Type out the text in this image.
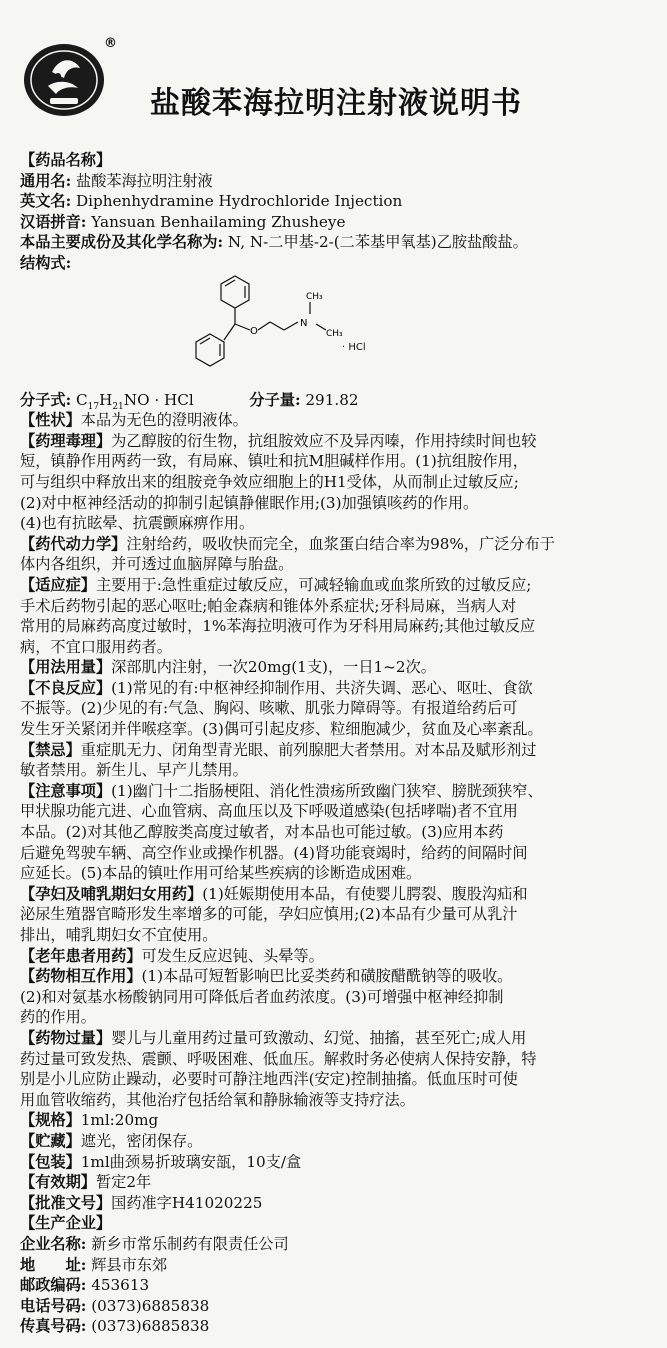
®
盐酸苯海拉明注射液说明书
【药品名称】
通用名: 盐酸苯海拉明注射液
英文名: Diphenhydramine Hydrochloride Injection
汉语拼音: Yansuan Benhailaming Zhusheye
本品主要成份及其化学名称为: N, N-二甲基-2-(二苯基甲氧基)乙胺盐酸盐。
结构式:
O
N
CH₃
CH₃
· HCl
分子式: $C_{17}H_{21}NO$ · HCl	分子量: 291.82
【性状】本品为无色的澄明液体。
【药理毒理】为乙醇胺的衍生物，抗组胺效应不及异丙嗪，作用持续时间也较
短，镇静作用两药一致，有局麻、镇吐和抗M胆碱样作用。(1)抗组胺作用，
可与组织中释放出来的组胺竞争效应细胞上的H1受体，从而制止过敏反应;
(2)对中枢神经活动的抑制引起镇静催眠作用;(3)加强镇咳药的作用。
(4)也有抗眩晕、抗震颤麻痹作用。
【药代动力学】注射给药，吸收快而完全，血浆蛋白结合率为98%，广泛分布于
体内各组织，并可透过血脑屏障与胎盘。
【适应症】主要用于:急性重症过敏反应，可减轻输血或血浆所致的过敏反应;
手术后药物引起的恶心呕吐;帕金森病和锥体外系症状;牙科局麻，当病人对
常用的局麻药高度过敏时，1%苯海拉明液可作为牙科用局麻药;其他过敏反应
病，不宜口服用药者。
【用法用量】深部肌内注射，一次20mg(1支)，一日1~2次。
【不良反应】(1)常见的有:中枢神经抑制作用、共济失调、恶心、呕吐、食欲
不振等。(2)少见的有:气急、胸闷、咳嗽、肌张力障碍等。有报道给药后可
发生牙关紧闭并伴喉痉挛。(3)偶可引起皮疹、粒细胞减少，贫血及心率紊乱。
【禁忌】重症肌无力、闭角型青光眼、前列腺肥大者禁用。对本品及赋形剂过
敏者禁用。新生儿、早产儿禁用。
【注意事项】(1)幽门十二指肠梗阻、消化性溃疡所致幽门狭窄、膀胱颈狭窄、
甲状腺功能亢进、心血管病、高血压以及下呼吸道感染(包括哮喘)者不宜用
本品。(2)对其他乙醇胺类高度过敏者，对本品也可能过敏。(3)应用本药
后避免驾驶车辆、高空作业或操作机器。(4)肾功能衰竭时，给药的间隔时间
应延长。(5)本品的镇吐作用可给某些疾病的诊断造成困难。
【孕妇及哺乳期妇女用药】(1)妊娠期使用本品，有使婴儿腭裂、腹股沟疝和
泌尿生殖器官畸形发生率增多的可能，孕妇应慎用;(2)本品有少量可从乳汁
排出，哺乳期妇女不宜使用。
【老年患者用药】可发生反应迟钝、头晕等。
【药物相互作用】(1)本品可短暂影响巴比妥类药和磺胺醋酰钠等的吸收。
(2)和对氨基水杨酸钠同用可降低后者血药浓度。(3)可增强中枢神经抑制
药的作用。
【药物过量】婴儿与儿童用药过量可致激动、幻觉、抽搐，甚至死亡;成人用
药过量可致发热、震颤、呼吸困难、低血压。解救时务必使病人保持安静，特
别是小儿应防止躁动，必要时可静注地西泮(安定)控制抽搐。低血压时可使
用血管收缩药，其他治疗包括给氧和静脉输液等支持疗法。
【规格】1ml:20mg
【贮藏】遮光，密闭保存。
【包装】1ml曲颈易折玻璃安瓿，10支/盒
【有效期】暂定2年
【批准文号】国药准字H41020225
【生产企业】
企业名称: 新乡市常乐制药有限责任公司
地　　址: 辉县市东郊
邮政编码: 453613
电话号码: (0373)6885838
传真号码: (0373)6885838
